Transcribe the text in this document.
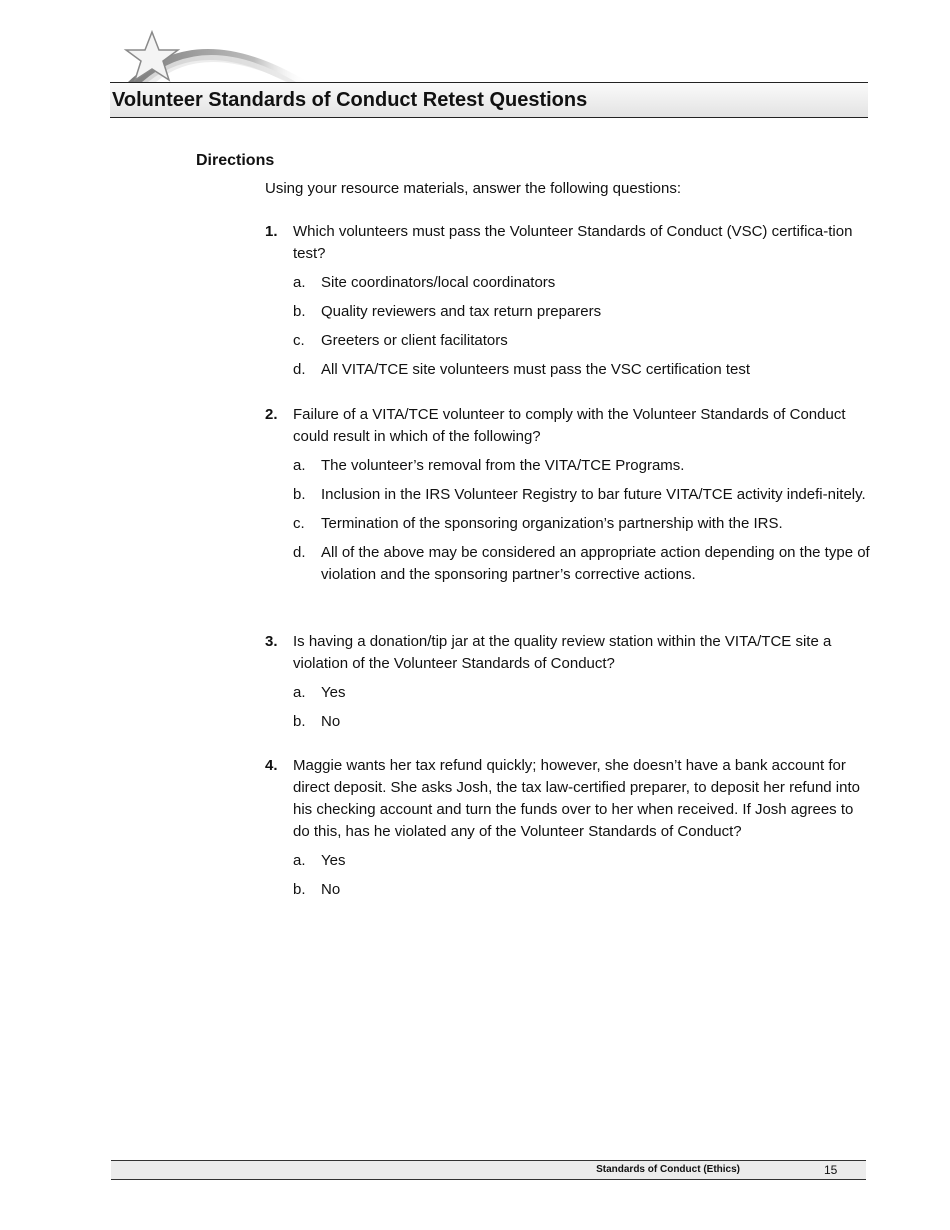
Volunteer Standards of Conduct Retest Questions
Directions

Using your resource materials, answer the following questions:

1. Which volunteers must pass the Volunteer Standards of Conduct (VSC) certifica-tion test?
a. Site coordinators/local coordinators
b. Quality reviewers and tax return preparers
c. Greeters or client facilitators
d. All VITA/TCE site volunteers must pass the VSC certification test
2. Failure of a VITA/TCE volunteer to comply with the Volunteer Standards of Conduct could result in which of the following?
a. The volunteer’s removal from the VITA/TCE Programs.
b. Inclusion in the IRS Volunteer Registry to bar future VITA/TCE activity indefi-nitely.
c. Termination of the sponsoring organization’s partnership with the IRS.
d. All of the above may be considered an appropriate action depending on the type of violation and the sponsoring partner’s corrective actions.
3. Is having a donation/tip jar at the quality review station within the VITA/TCE site a violation of the Volunteer Standards of Conduct?
a. Yes
b. No
4. Maggie wants her tax refund quickly; however, she doesn’t have a bank account for direct deposit. She asks Josh, the tax law-certified preparer, to deposit her refund into his checking account and turn the funds over to her when received. If Josh agrees to do this, has he violated any of the Volunteer Standards of Conduct?
a. Yes
b. No
Standards of Conduct (Ethics)	15
